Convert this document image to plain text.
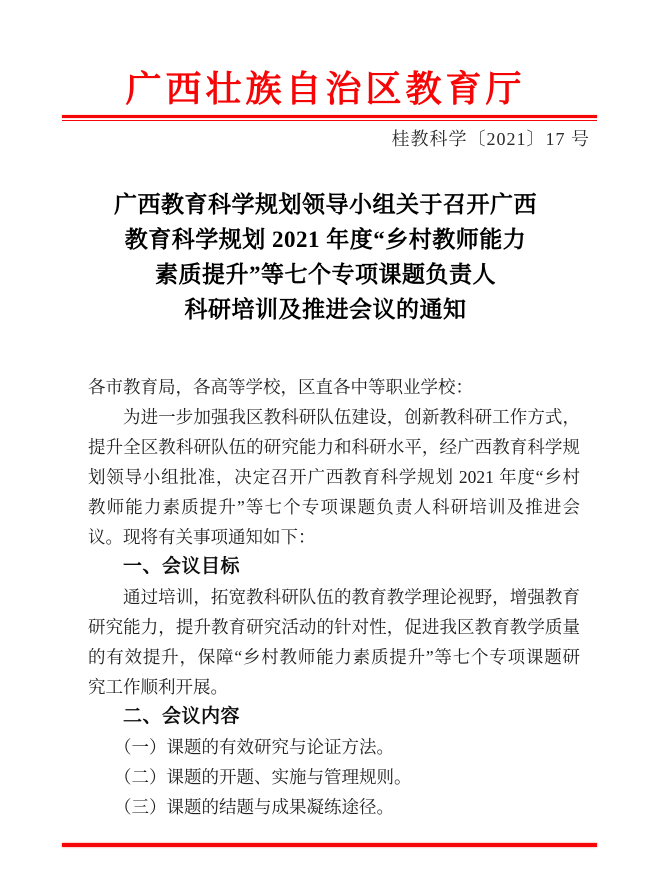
广西壮族自治区教育厅
桂教科学〔2021〕17 号
广西教育科学规划领导小组关于召开广西
教育科学规划 2021 年度“乡村教师能力
素质提升”等七个专项课题负责人
科研培训及推进会议的通知
各市教育局，各高等学校，区直各中等职业学校：
为进一步加强我区教科研队伍建设，创新教科研工作方式，
提升全区教科研队伍的研究能力和科研水平，经广西教育科学规
划领导小组批准，决定召开广西教育科学规划 2021 年度“乡村
教师能力素质提升”等七个专项课题负责人科研培训及推进会
议。现将有关事项通知如下：
一、会议目标
通过培训，拓宽教科研队伍的教育教学理论视野，增强教育
研究能力，提升教育研究活动的针对性，促进我区教育教学质量
的有效提升，保障“乡村教师能力素质提升”等七个专项课题研
究工作顺利开展。
二、会议内容
（一）课题的有效研究与论证方法。
（二）课题的开题、实施与管理规则。
（三）课题的结题与成果凝练途径。
